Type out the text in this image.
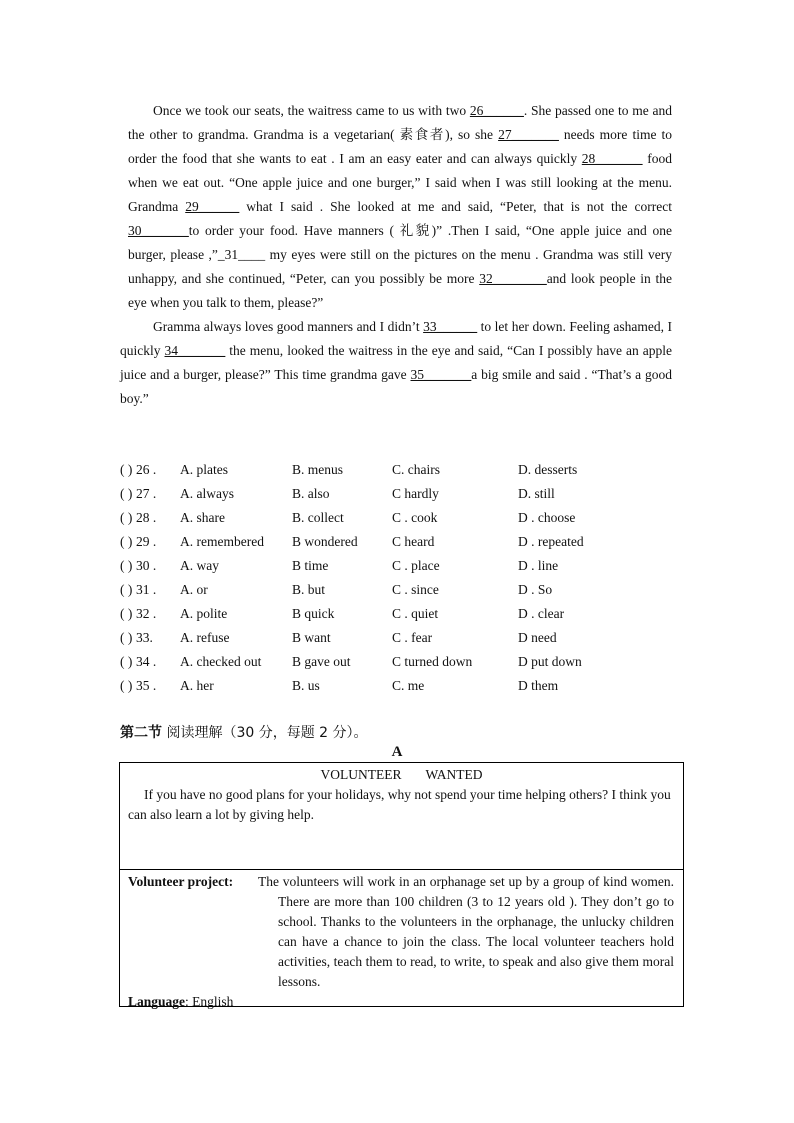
Once we took our seats, the waitress came to us with two 26______. She passed one to me and the other to grandma. Grandma is a vegetarian( 素食者), so she 27_______ needs more time to order the food that she wants to eat . I am an easy eater and can always quickly 28_______ food when we eat out. “One apple juice and one burger,” I said when I was still looking at the menu. Grandma 29______ what I said . She looked at me and said, “Peter, that is not the correct 30_______to order your food. Have manners ( 礼貌)” .Then I said, “One apple juice and one burger, please ,”_31____ my eyes were still on the pictures on the menu . Grandma was still very unhappy, and she continued, “Peter, can you possibly be more 32________and look people in the eye when you talk to them, please?”

Gramma always loves good manners and I didn’t 33______ to let her down. Feeling ashamed, I quickly 34_______ the menu, looked the waitress in the eye and said, “Can I possibly have an apple juice and a burger, please?” This time grandma gave 35_______a big smile and said . “That’s a good boy.”

( ) 26 . A. plates	B. menus	C. chairs	D. desserts
( ) 27 . A. always	B. also	C hardly	D. still
( ) 28 . A. share	B. collect	C . cook	D . choose
( ) 29 . A. remembered B wondered	C heard	D . repeated
( ) 30 . A. way	B time	C . place	D . line
( ) 31 . A. or	B. but	C . since	D . So
( ) 32 . A. polite	B quick	C . quiet	D . clear
( ) 33. A. refuse	B want	C . fear	D need
( ) 34 . A. checked out B gave out	C turned down	D put down
( ) 35 . A. her	B. us	C. me	D them
第二节 阅读理解（30 分，每题 2 分）。
A
VOLUNTEER WANTED
If you have no good plans for your holidays, why not spend your time helping others? I think you can also learn a lot by giving help.
Volunteer project: The volunteers will work in an orphanage set up by a group of kind women. There are more than 100 children (3 to 12 years old ). They don’t go to school. Thanks to the volunteers in the orphanage, the unlucky children can have a chance to join the class. The local volunteer teachers hold activities, teach them to read, to write, to speak and also give them moral lessons.
Language: English
